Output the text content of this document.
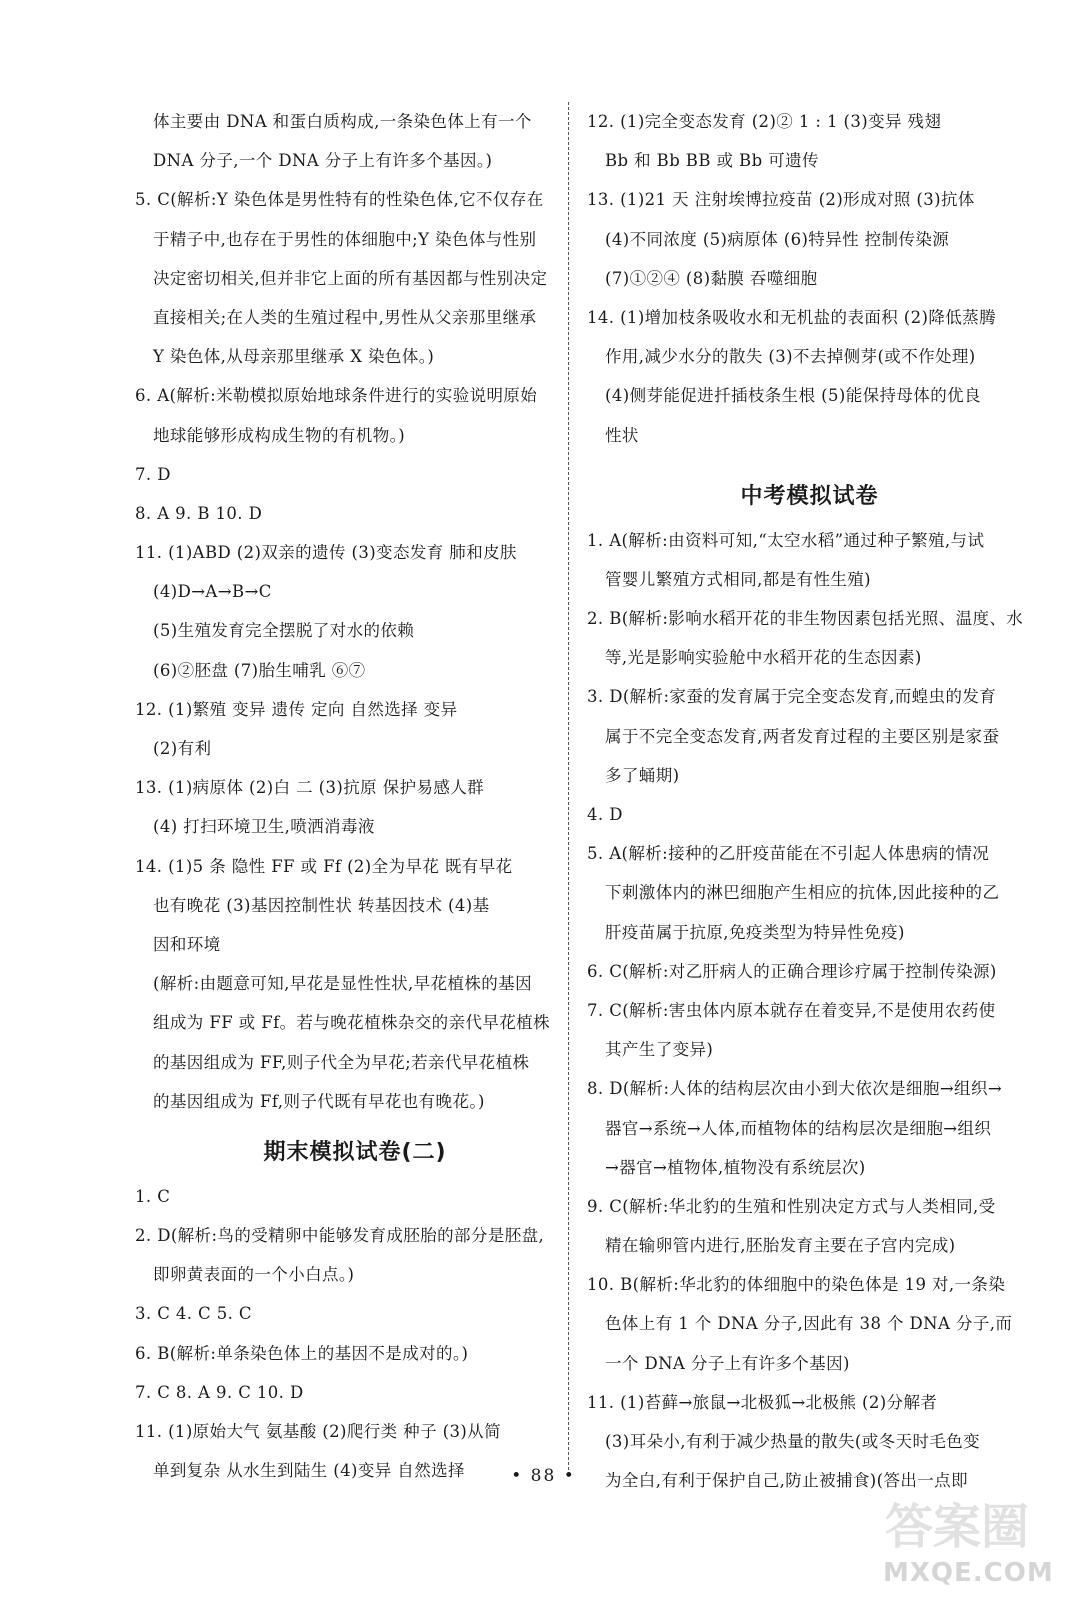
体主要由 DNA 和蛋白质构成,一条染色体上有一个
DNA 分子,一个 DNA 分子上有许多个基因。)
5. C(解析:Y 染色体是男性特有的性染色体,它不仅存在
于精子中,也存在于男性的体细胞中;Y 染色体与性别
决定密切相关,但并非它上面的所有基因都与性别决定
直接相关;在人类的生殖过程中,男性从父亲那里继承
Y 染色体,从母亲那里继承 X 染色体。)
6. A(解析:米勒模拟原始地球条件进行的实验说明原始
地球能够形成构成生物的有机物。)
7. D
8. A 9. B 10. D
11. (1)ABD (2)双亲的遗传 (3)变态发育 肺和皮肤
(4)D→A→B→C
(5)生殖发育完全摆脱了对水的依赖
(6)②胚盘 (7)胎生哺乳 ⑥⑦
12. (1)繁殖 变异 遗传 定向 自然选择 变异
(2)有利
13. (1)病原体 (2)白 二 (3)抗原 保护易感人群
(4) 打扫环境卫生,喷洒消毒液
14. (1)5 条 隐性 FF 或 Ff (2)全为早花 既有早花
也有晚花 (3)基因控制性状 转基因技术 (4)基
因和环境
(解析:由题意可知,早花是显性性状,早花植株的基因
组成为 FF 或 Ff。若与晚花植株杂交的亲代早花植株
的基因组成为 FF,则子代全为早花;若亲代早花植株
的基因组成为 Ff,则子代既有早花也有晚花。)
期末模拟试卷(二)
1. C
2. D(解析:鸟的受精卵中能够发育成胚胎的部分是胚盘,
即卵黄表面的一个小白点。)
3. C 4. C 5. C
6. B(解析:单条染色体上的基因不是成对的。)
7. C 8. A 9. C 10. D
11. (1)原始大气 氨基酸 (2)爬行类 种子 (3)从简
单到复杂 从水生到陆生 (4)变异 自然选择
12. (1)完全变态发育 (2)② 1 : 1 (3)变异 残翅
Bb 和 Bb BB 或 Bb 可遗传
13. (1)21 天 注射埃博拉疫苗 (2)形成对照 (3)抗体
(4)不同浓度 (5)病原体 (6)特异性 控制传染源
(7)①②④ (8)黏膜 吞噬细胞
14. (1)增加枝条吸收水和无机盐的表面积 (2)降低蒸腾
作用,减少水分的散失 (3)不去掉侧芽(或不作处理)
(4)侧芽能促进扦插枝条生根 (5)能保持母体的优良
性状
中考模拟试卷
1. A(解析:由资料可知,“太空水稻”通过种子繁殖,与试
管婴儿繁殖方式相同,都是有性生殖)
2. B(解析:影响水稻开花的非生物因素包括光照、温度、水
等,光是影响实验舱中水稻开花的生态因素)
3. D(解析:家蚕的发育属于完全变态发育,而蝗虫的发育
属于不完全变态发育,两者发育过程的主要区别是家蚕
多了蛹期)
4. D
5. A(解析:接种的乙肝疫苗能在不引起人体患病的情况
下刺激体内的淋巴细胞产生相应的抗体,因此接种的乙
肝疫苗属于抗原,免疫类型为特异性免疫)
6. C(解析:对乙肝病人的正确合理诊疗属于控制传染源)
7. C(解析:害虫体内原本就存在着变异,不是使用农药使
其产生了变异)
8. D(解析:人体的结构层次由小到大依次是细胞→组织→
器官→系统→人体,而植物体的结构层次是细胞→组织
→器官→植物体,植物没有系统层次)
9. C(解析:华北豹的生殖和性别决定方式与人类相同,受
精在输卵管内进行,胚胎发育主要在子宫内完成)
10. B(解析:华北豹的体细胞中的染色体是 19 对,一条染
色体上有 1 个 DNA 分子,因此有 38 个 DNA 分子,而
一个 DNA 分子上有许多个基因)
11. (1)苔藓→旅鼠→北极狐→北极熊 (2)分解者
(3)耳朵小,有利于减少热量的散失(或冬天时毛色变
为全白,有利于保护自己,防止被捕食)(答出一点即
• 88 •
答案圈
MXQE.COM
